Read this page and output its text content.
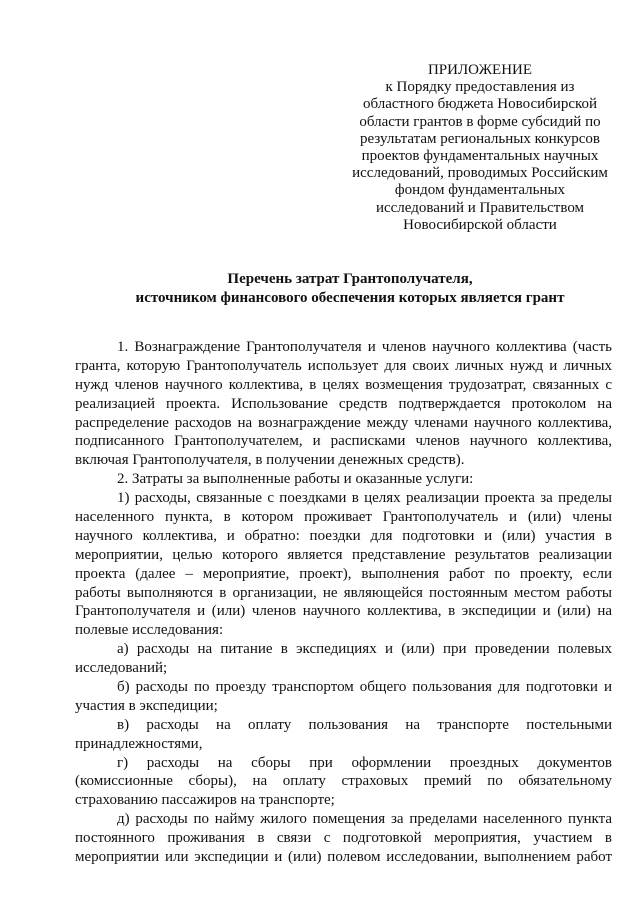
ПРИЛОЖЕНИЕ
к Порядку предоставления из
областного бюджета Новосибирской
области грантов в форме субсидий по
результатам региональных конкурсов
проектов фундаментальных научных
исследований, проводимых Российским
фондом фундаментальных
исследований и Правительством
Новосибирской области
Перечень затрат Грантополучателя,
источником финансового обеспечения которых является грант
1. Вознаграждение Грантополучателя и членов научного коллектива (часть
гранта, которую Грантополучатель использует для своих личных нужд и личных
нужд членов научного коллектива, в целях возмещения трудозатрат, связанных с
реализацией проекта. Использование средств подтверждается протоколом на
распределение расходов на вознаграждение между членами научного коллектива,
подписанного Грантополучателем, и расписками членов научного коллектива,
включая Грантополучателя, в получении денежных средств).
2. Затраты за выполненные работы и оказанные услуги:
1) расходы, связанные с поездками в целях реализации проекта за пределы
населенного пункта, в котором проживает Грантополучатель и (или) члены
научного коллектива, и обратно: поездки для подготовки и (или) участия в
мероприятии, целью которого является представление результатов реализации
проекта (далее – мероприятие, проект), выполнения работ по проекту, если
работы выполняются в организации, не являющейся постоянным местом работы
Грантополучателя и (или) членов научного коллектива, в экспедиции и (или) на
полевые исследования:
а) расходы на питание в экспедициях и (или) при проведении полевых
исследований;
б) расходы по проезду транспортом общего пользования для подготовки и
участия в экспедиции;
в) расходы на оплату пользования на транспорте постельными
принадлежностями,
г) расходы на сборы при оформлении проездных документов
(комиссионные сборы), на оплату страховых премий по обязательному
страхованию пассажиров на транспорте;
д) расходы по найму жилого помещения за пределами населенного пункта
постоянного проживания в связи с подготовкой мероприятия, участием в
мероприятии или экспедиции и (или) полевом исследовании, выполнением работ
